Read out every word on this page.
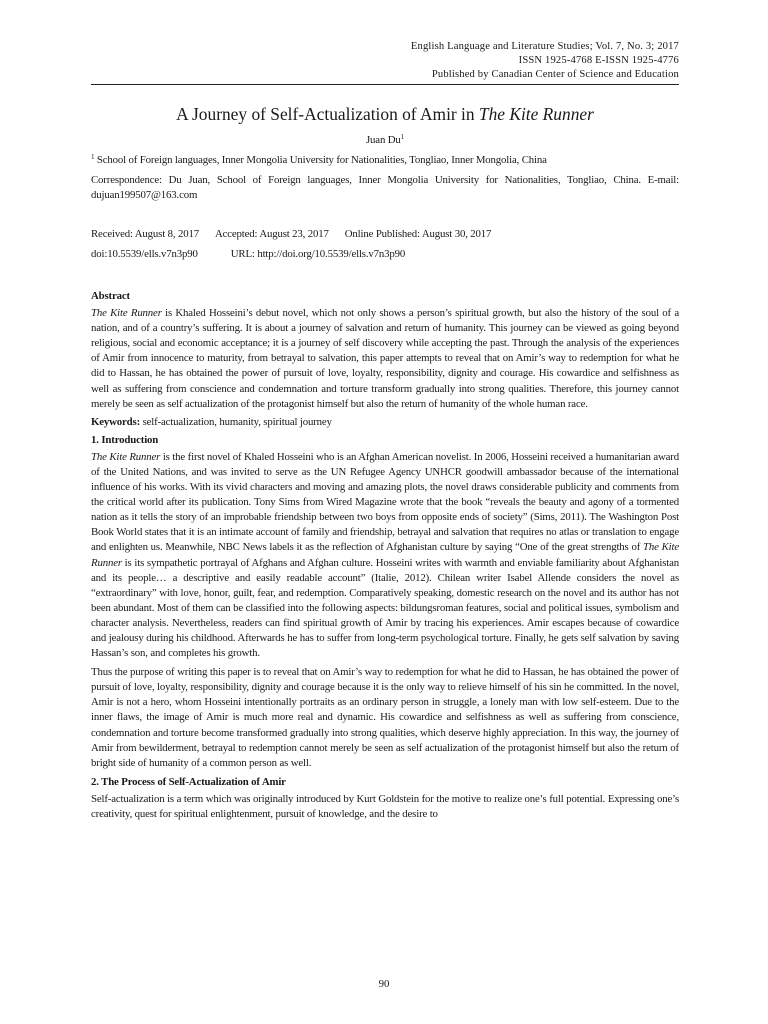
English Language and Literature Studies; Vol. 7, No. 3; 2017
ISSN 1925-4768 E-ISSN 1925-4776
Published by Canadian Center of Science and Education
A Journey of Self-Actualization of Amir in The Kite Runner
Juan Du$^1$
$^1$ School of Foreign languages, Inner Mongolia University for Nationalities, Tongliao, Inner Mongolia, China
Correspondence: Du Juan, School of Foreign languages, Inner Mongolia University for Nationalities, Tongliao, China. E-mail: dujuan199507@163.com
Received: August 8, 2017 Accepted: August 23, 2017 Online Published: August 30, 2017
doi:10.5539/ells.v7n3p90	URL: http://doi.org/10.5539/ells.v7n3p90
Abstract
The Kite Runner is Khaled Hosseini’s debut novel, which not only shows a person’s spiritual growth, but also the history of the soul of a nation, and of a country’s suffering. It is about a journey of salvation and return of humanity. This journey can be viewed as going beyond religious, social and economic acceptance; it is a journey of self discovery while accepting the past. Through the analysis of the experiences of Amir from innocence to maturity, from betrayal to salvation, this paper attempts to reveal that on Amir’s way to redemption for what he did to Hassan, he has obtained the power of pursuit of love, loyalty, responsibility, dignity and courage. His cowardice and selfishness as well as suffering from conscience and condemnation and torture transform gradually into strong qualities. Therefore, this journey cannot merely be seen as self actualization of the protagonist himself but also the return of humanity of the whole human race.
Keywords: self-actualization, humanity, spiritual journey
1. Introduction
The Kite Runner is the first novel of Khaled Hosseini who is an Afghan American novelist. In 2006, Hosseini received a humanitarian award of the United Nations, and was invited to serve as the UN Refugee Agency UNHCR goodwill ambassador because of the international influence of his works. With its vivid characters and moving and amazing plots, the novel draws considerable publicity and comments from the critical world after its publication. Tony Sims from Wired Magazine wrote that the book “reveals the beauty and agony of a tormented nation as it tells the story of an improbable friendship between two boys from opposite ends of society” (Sims, 2011). The Washington Post Book World states that it is an intimate account of family and friendship, betrayal and salvation that requires no atlas or translation to engage and enlighten us. Meanwhile, NBC News labels it as the reflection of Afghanistan culture by saying “One of the great strengths of The Kite Runner is its sympathetic portrayal of Afghans and Afghan culture. Hosseini writes with warmth and enviable familiarity about Afghanistan and its people… a descriptive and easily readable account” (Italie, 2012). Chilean writer Isabel Allende considers the novel as “extraordinary” with love, honor, guilt, fear, and redemption. Comparatively speaking, domestic research on the novel and its author has not been abundant. Most of them can be classified into the following aspects: bildungsroman features, social and political issues, symbolism and character analysis. Nevertheless, readers can find spiritual growth of Amir by tracing his experiences. Amir escapes because of cowardice and jealousy during his childhood. Afterwards he has to suffer from long-term psychological torture. Finally, he gets self salvation by saving Hassan’s son, and completes his growth.
Thus the purpose of writing this paper is to reveal that on Amir’s way to redemption for what he did to Hassan, he has obtained the power of pursuit of love, loyalty, responsibility, dignity and courage because it is the only way to relieve himself of his sin he committed. In the novel, Amir is not a hero, whom Hosseini intentionally portraits as an ordinary person in struggle, a lonely man with low self-esteem. Due to the inner flaws, the image of Amir is much more real and dynamic. His cowardice and selfishness as well as suffering from conscience, condemnation and torture become transformed gradually into strong qualities, which deserve highly appreciation. In this way, the journey of Amir from bewilderment, betrayal to redemption cannot merely be seen as self actualization of the protagonist himself but also the return of bright side of humanity of a common person as well.
2. The Process of Self-Actualization of Amir
Self-actualization is a term which was originally introduced by Kurt Goldstein for the motive to realize one’s full potential. Expressing one’s creativity, quest for spiritual enlightenment, pursuit of knowledge, and the desire to
90
